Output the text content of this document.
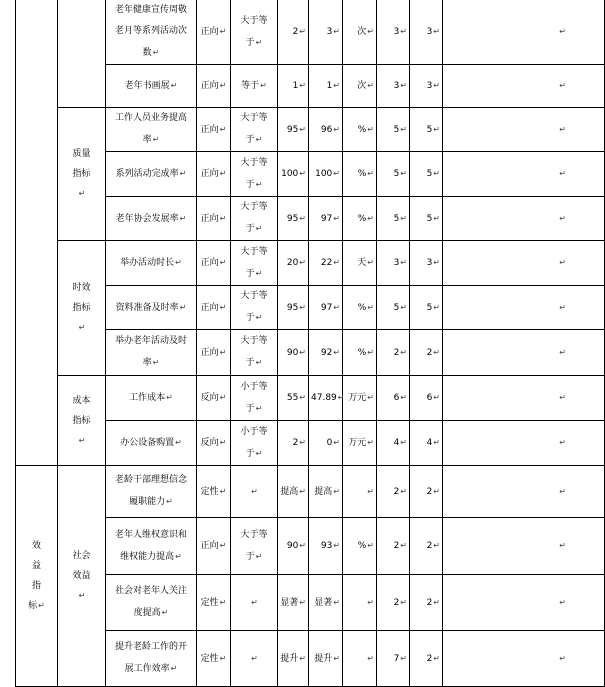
		老年健康宣传周敬老月等系列活动次数↵	正向↵	大于等于↵	2↵	3↵	次↵	3↵	3↵	↵
		老年书画展↵	正向↵	等于↵	1↵	1↵	次↵	3↵	3↵	↵
	质量指标↵	工作人员业务提高率↵	正向↵	大于等于↵	95↵	96↵	%↵	5↵	5↵	↵
		系列活动完成率↵	正向↵	大于等于↵	100↵	100↵	%↵	5↵	5↵	↵
		老年协会发展率↵	正向↵	大于等于↵	95↵	97↵	%↵	5↵	5↵	↵
	时效指标↵	举办活动时长↵	正向↵	大于等于↵	20↵	22↵	天↵	3↵	3↵	↵
		资料准备及时率↵	正向↵	大于等于↵	95↵	97↵	%↵	5↵	5↵	↵
		举办老年活动及时率↵	正向↵	大于等于↵	90↵	92↵	%↵	2↵	2↵	↵
	成本指标↵	工作成本↵	反向↵	小于等于↵	55↵	47.89↵	万元↵	6↵	6↵	↵
		办公设备购置↵	反向↵	小于等于↵	2↵	0↵	万元↵	4↵	4↵	↵
效益指标↵	社会效益↵	老龄干部理想信念履职能力↵	定性↵	↵	提高↵	提高↵	↵	2↵	2↵	↵
		老年人维权意识和维权能力提高↵	正向↵	大于等于↵	90↵	93↵	%↵	2↵	2↵	↵
		社会对老年人关注度提高↵	定性↵	↵	显著↵	显著↵	↵	2↵	2↵	↵
		提升老龄工作的开展工作效率↵	定性↵	↵	提升↵	提升↵	↵	7↵	2↵	↵
